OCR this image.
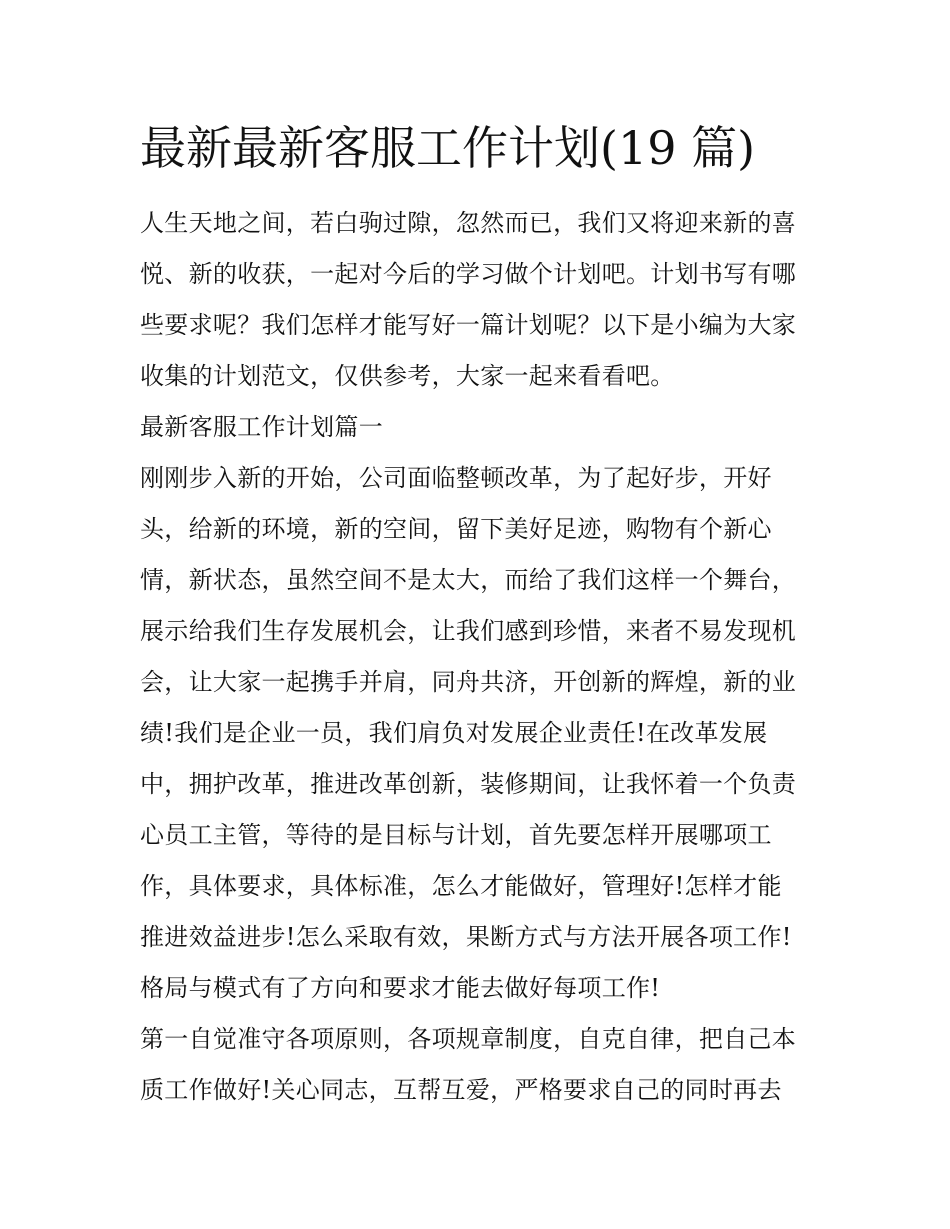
最新最新客服工作计划(19 篇)

人生天地之间，若白驹过隙，忽然而已，我们又将迎来新的喜

悦、新的收获，一起对今后的学习做个计划吧。计划书写有哪

些要求呢？我们怎样才能写好一篇计划呢？以下是小编为大家

收集的计划范文，仅供参考，大家一起来看看吧。

最新客服工作计划篇一

刚刚步入新的开始，公司面临整顿改革，为了起好步，开好

头，给新的环境，新的空间，留下美好足迹，购物有个新心

情，新状态，虽然空间不是太大，而给了我们这样一个舞台，

展示给我们生存发展机会，让我们感到珍惜，来者不易发现机

会，让大家一起携手并肩，同舟共济，开创新的辉煌，新的业

绩!我们是企业一员，我们肩负对发展企业责任!在改革发展

中，拥护改革，推进改革创新，装修期间，让我怀着一个负责

心员工主管，等待的是目标与计划，首先要怎样开展哪项工

作，具体要求，具体标准，怎么才能做好，管理好!怎样才能

推进效益进步!怎么采取有效，果断方式与方法开展各项工作!

格局与模式有了方向和要求才能去做好每项工作!

第一自觉准守各项原则，各项规章制度，自克自律，把自己本

质工作做好!关心同志，互帮互爱，严格要求自己的同时再去
